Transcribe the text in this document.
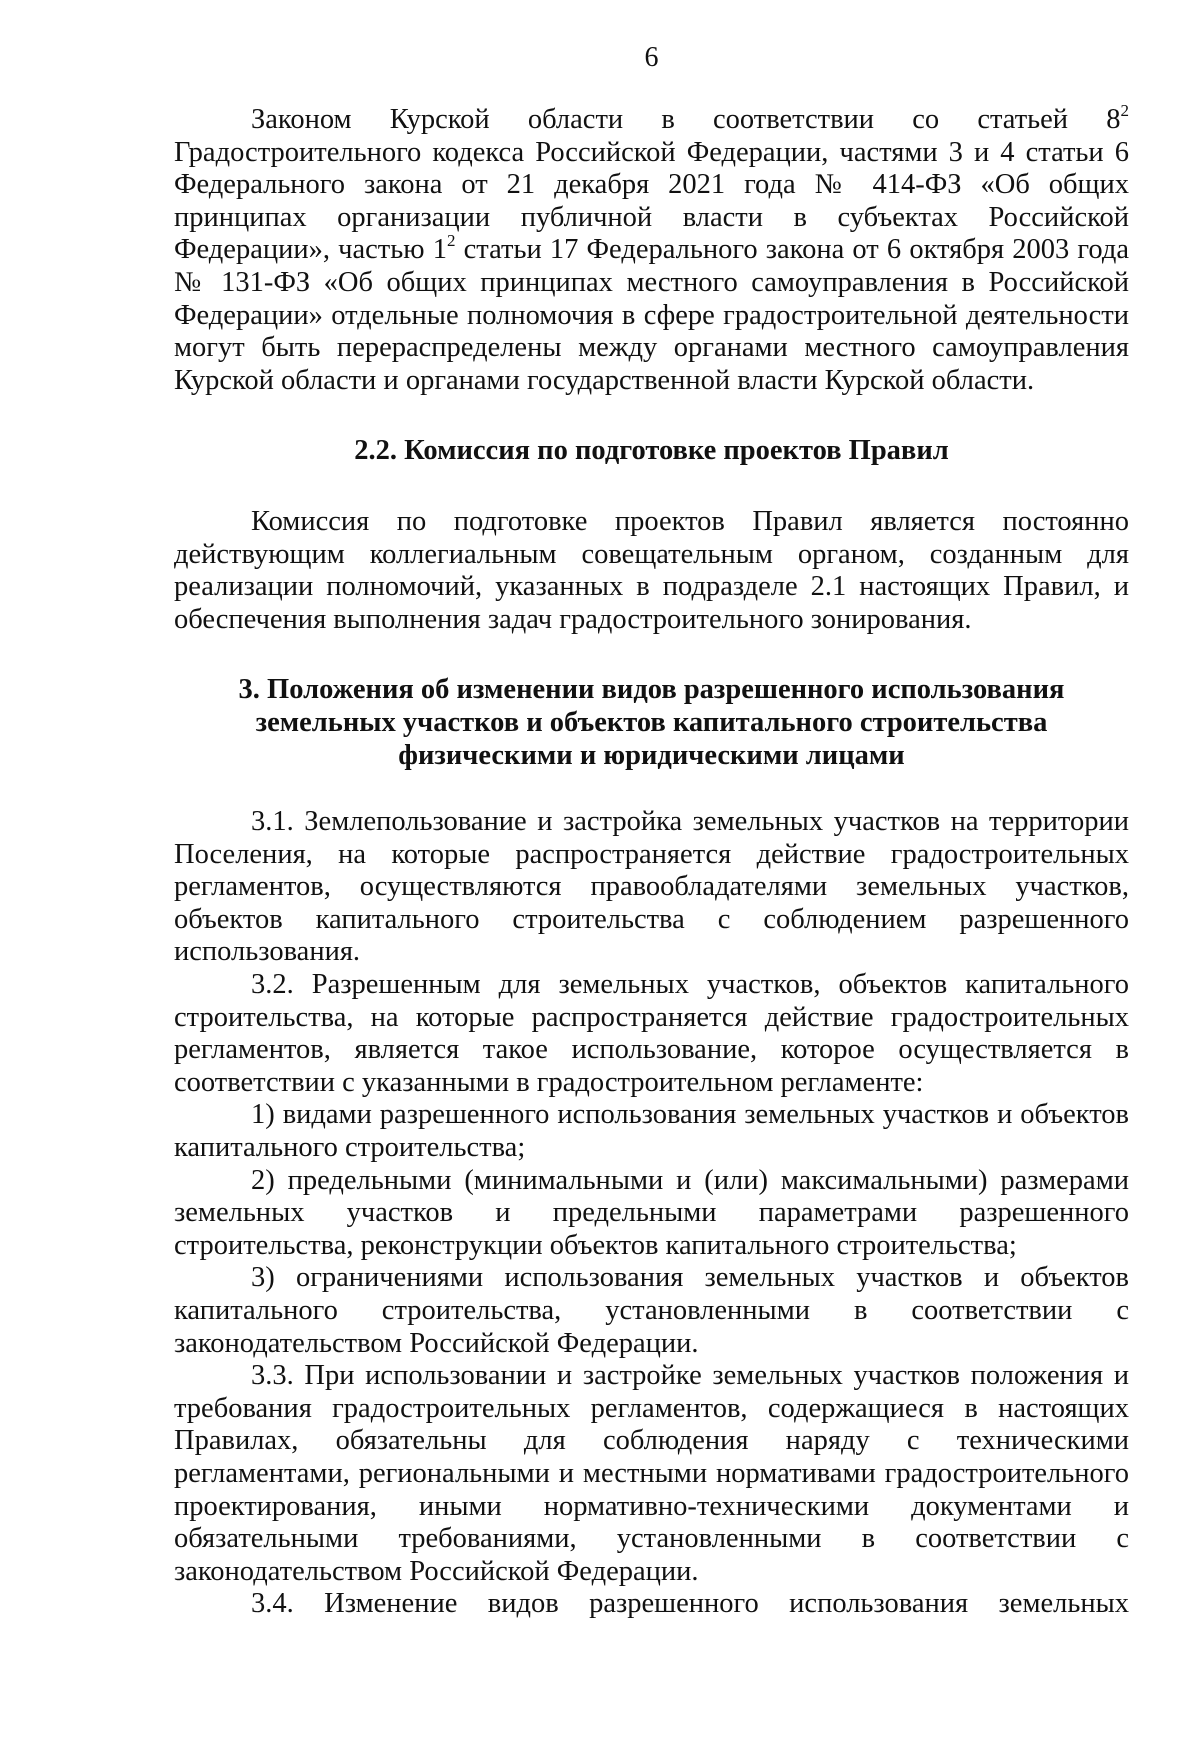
6

Законом Курской области в соответствии со статьей $8^2$ Градостроительного кодекса Российской Федерации, частями 3 и 4 статьи 6 Федерального закона от 21 декабря 2021 года № 414-ФЗ «Об общих принципах организации публичной власти в субъектах Российской Федерации», частью $1^2$ статьи 17 Федерального закона от 6 октября 2003 года № 131-ФЗ «Об общих принципах местного самоуправления в Российской Федерации» отдельные полномочия в сфере градостроительной деятельности могут быть перераспределены между органами местного самоуправления Курской области и органами государственной власти Курской области.

2.2. Комиссия по подготовке проектов Правил

Комиссия по подготовке проектов Правил является постоянно действующим коллегиальным совещательным органом, созданным для реализации полномочий, указанных в подразделе 2.1 настоящих Правил, и обеспечения выполнения задач градостроительного зонирования.

3. Положения об изменении видов разрешенного использования
земельных участков и объектов капитального строительства
физическими и юридическими лицами

3.1. Землепользование и застройка земельных участков на территории Поселения, на которые распространяется действие градостроительных регламентов, осуществляются правообладателями земельных участков, объектов капитального строительства с соблюдением разрешенного использования.

3.2. Разрешенным для земельных участков, объектов капитального строительства, на которые распространяется действие градостроительных регламентов, является такое использование, которое осуществляется в соответствии с указанными в градостроительном регламенте:

1) видами разрешенного использования земельных участков и объектов капитального строительства;

2) предельными (минимальными и (или) максимальными) размерами земельных участков и предельными параметрами разрешенного строительства, реконструкции объектов капитального строительства;

3) ограничениями использования земельных участков и объектов капитального строительства, установленными в соответствии с законодательством Российской Федерации.

3.3. При использовании и застройке земельных участков положения и требования градостроительных регламентов, содержащиеся в настоящих Правилах, обязательны для соблюдения наряду с техническими регламентами, региональными и местными нормативами градостроительного проектирования, иными нормативно-техническими документами и обязательными требованиями, установленными в соответствии с законодательством Российской Федерации.

3.4. Изменение видов разрешенного использования земельных
